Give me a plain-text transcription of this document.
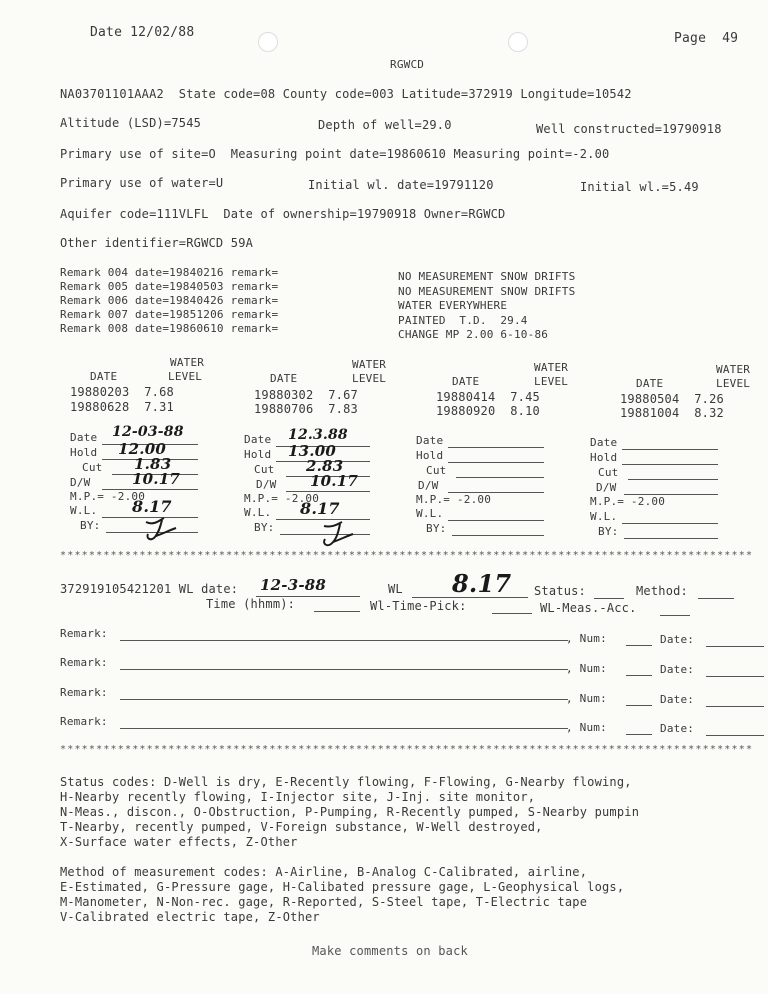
Date 12/02/88	Page  49
RGWCD
NA03701101AAA2  State code=08 County code=003 Latitude=372919 Longitude=10542
Altitude (LSD)=7545	Depth of well=29.0	Well constructed=19790918
Primary use of site=O  Measuring point date=19860610 Measuring point=-2.00
Primary use of water=U	Initial wl. date=19791120	Initial wl.=5.49
Aquifer code=111VLFL  Date of ownership=19790918 Owner=RGWCD
Other identifier=RGWCD 59A
Remark 004 date=19840216 remark=	NO MEASUREMENT SNOW DRIFTS
Remark 005 date=19840503 remark=	NO MEASUREMENT SNOW DRIFTS
Remark 006 date=19840426 remark=	WATER EVERYWHERE
Remark 007 date=19851206 remark=	PAINTED  T.D.  29.4
Remark 008 date=19860610 remark=	CHANGE MP 2.00 6-10-86
WATER
DATE	LEVEL
WATER
DATE	LEVEL
WATER
DATE	LEVEL
WATER
DATE	LEVEL
19880203  7.68	19880302  7.67	19880414  7.45	19880504  7.26
19880628  7.31	19880706  7.83	19880920  8.10	19881004  8.32
Date 12-03-88
Hold 12.00
Cut 1.83
D/W	10.17
M.P.= -2.00
W.L. 8.17
BY:
Date 12.3.88
Hold 13.00
Cut 2.83
D/W 10.17
M.P.= -2.00
W.L. 8.17
BY:
Date
Hold
Cut
D/W
M.P.= -2.00
W.L.
BY:
Date
Hold
Cut
D/W
M.P.= -2.00
W.L.
BY:
************************************************************************************************
372919105421201 WL date: 12-3-88	WL 8.17 Status:	Method:
Time (hhmm):	Wl-Time-Pick:	WL-Meas.-Acc.
Remark:	, Num:	Date:
Remark:	, Num:	Date:
Remark:	, Num:	Date:
Remark:	, Num:	Date:
************************************************************************************************
Status codes: D-Well is dry, E-Recently flowing, F-Flowing, G-Nearby flowing,
H-Nearby recently flowing, I-Injector site, J-Inj. site monitor,
N-Meas., discon., O-Obstruction, P-Pumping, R-Recently pumped, S-Nearby pumpin
T-Nearby, recently pumped, V-Foreign substance, W-Well destroyed,
X-Surface water effects, Z-Other
Method of measurement codes: A-Airline, B-Analog C-Calibrated, airline,
E-Estimated, G-Pressure gage, H-Calibated pressure gage, L-Geophysical logs,
M-Manometer, N-Non-rec. gage, R-Reported, S-Steel tape, T-Electric tape
V-Calibrated electric tape, Z-Other
Make comments on back
